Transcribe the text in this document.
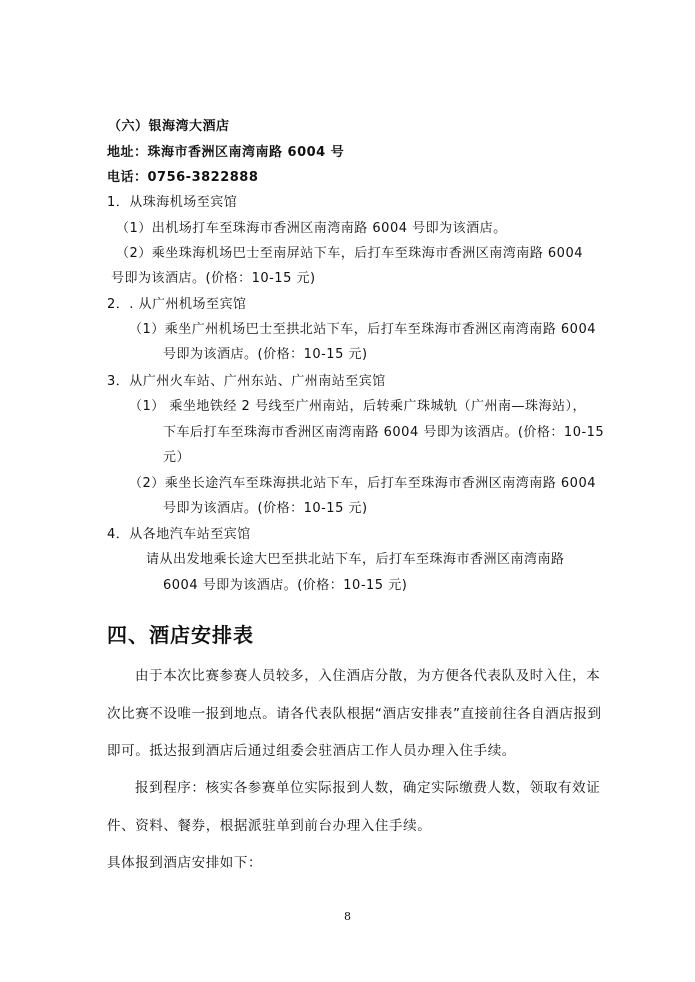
（六）银海湾大酒店
地址：珠海市香洲区南湾南路 6004 号
电话：0756-3822888
1．从珠海机场至宾馆
（1）出机场打车至珠海市香洲区南湾南路 6004 号即为该酒店。
（2）乘坐珠海机场巴士至南屏站下车，后打车至珠海市香洲区南湾南路 6004
号即为该酒店。(价格：10-15 元)
2．. 从广州机场至宾馆
（1）乘坐广州机场巴士至拱北站下车，后打车至珠海市香洲区南湾南路 6004
号即为该酒店。(价格：10-15 元)
3．从广州火车站、广州东站、广州南站至宾馆
（1） 乘坐地铁经 2 号线至广州南站，后转乘广珠城轨（广州南—珠海站），
下车后打车至珠海市香洲区南湾南路 6004 号即为该酒店。(价格：10-15
元）
（2）乘坐长途汽车至珠海拱北站下车，后打车至珠海市香洲区南湾南路 6004
号即为该酒店。(价格：10-15 元)
4．从各地汽车站至宾馆
请从出发地乘长途大巴至拱北站下车，后打车至珠海市香洲区南湾南路
6004 号即为该酒店。(价格：10-15 元)
四、酒店安排表
由于本次比赛参赛人员较多，入住酒店分散，为方便各代表队及时入住，本
次比赛不设唯一报到地点。请各代表队根据“酒店安排表”直接前往各自酒店报到
即可。抵达报到酒店后通过组委会驻酒店工作人员办理入住手续。
报到程序：核实各参赛单位实际报到人数，确定实际缴费人数，领取有效证
件、资料、餐券，根据派驻单到前台办理入住手续。
具体报到酒店安排如下：
8
